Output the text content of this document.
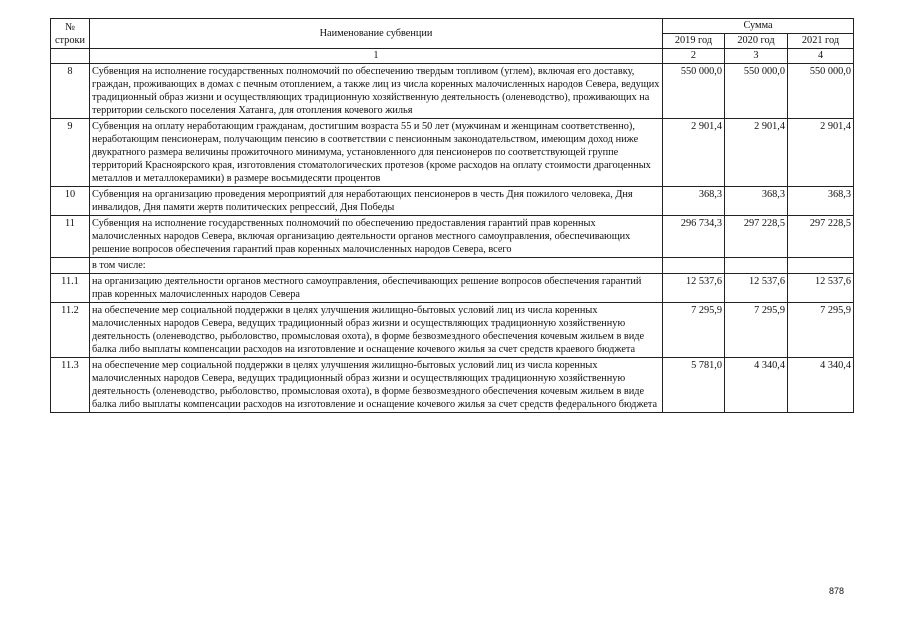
№
строки	Наименование субвенции	Сумма		
		2019 год	2020 год	2021 год
	1	2	3	4
8	Субвенция на исполнение государственных полномочий по обеспечению твердым топливом (углем), включая его доставку, граждан, проживающих в домах с печным отоплением, а также лиц из числа коренных малочисленных народов Севера, ведущих традиционный образ жизни и осуществляющих традиционную хозяйственную деятельность (оленеводство), проживающих на территории сельского поселения Хатанга, для отопления кочевого жилья	550 000,0	550 000,0	550 000,0
9	Субвенция на оплату неработающим гражданам, достигшим возраста 55 и 50 лет (мужчинам и женщинам соответственно), неработающим пенсионерам, получающим пенсию в соответствии с пенсионным законодательством, имеющим доход ниже двукратного размера величины прожиточного минимума, установленного для пенсионеров по соответствующей группе территорий Красноярского края, изготовления стоматологических протезов (кроме расходов на оплату стоимости драгоценных металлов и металлокерамики) в размере восьмидесяти процентов	2 901,4	2 901,4	2 901,4
10	Субвенция на организацию проведения мероприятий для неработающих пенсионеров в честь Дня пожилого человека, Дня инвалидов, Дня памяти жертв политических репрессий, Дня Победы	368,3	368,3	368,3
11	Субвенция на исполнение государственных полномочий по обеспечению предоставления гарантий прав коренных малочисленных народов Севера, включая организацию деятельности органов местного самоуправления, обеспечивающих решение вопросов обеспечения гарантий прав коренных малочисленных народов Севера, всего	296 734,3	297 228,5	297 228,5
	в том числе:			
11.1	на организацию деятельности органов местного самоуправления, обеспечивающих решение вопросов обеспечения гарантий прав коренных малочисленных народов Севера	12 537,6	12 537,6	12 537,6
11.2	на обеспечение мер социальной поддержки в целях улучшения жилищно-бытовых условий лиц из числа коренных малочисленных народов Севера, ведущих традиционный образ жизни и осуществляющих традиционную хозяйственную деятельность (оленеводство, рыболовство, промысловая охота), в форме безвозмездного обеспечения кочевым жильем в виде балка либо выплаты компенсации расходов на изготовление и оснащение кочевого жилья за счет средств краевого бюджета	7 295,9	7 295,9	7 295,9
11.3	на обеспечение мер социальной поддержки в целях улучшения жилищно-бытовых условий лиц из числа коренных малочисленных народов Севера, ведущих традиционный образ жизни и осуществляющих традиционную хозяйственную деятельность (оленеводство, рыболовство, промысловая охота), в форме безвозмездного обеспечения кочевым жильем в виде балка либо выплаты компенсации расходов на изготовление и оснащение кочевого жилья за счет средств федерального бюджета	5 781,0	4 340,4	4 340,4
878
